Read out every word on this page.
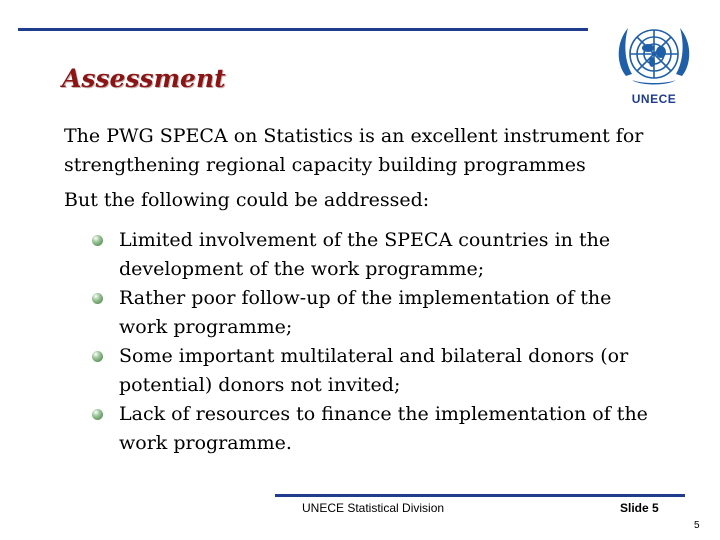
UNECE
Assessment

The PWG SPECA on Statistics is an excellent instrument for strengthening regional capacity building programmes

But the following could be addressed:

Limited involvement of the SPECA countries in the development of the work programme;
Rather poor follow-up of the implementation of the work programme;
Some important multilateral and bilateral donors (or potential) donors not invited;
Lack of resources to finance the implementation of the work programme.
UNECE Statistical Division	Slide 5
5
